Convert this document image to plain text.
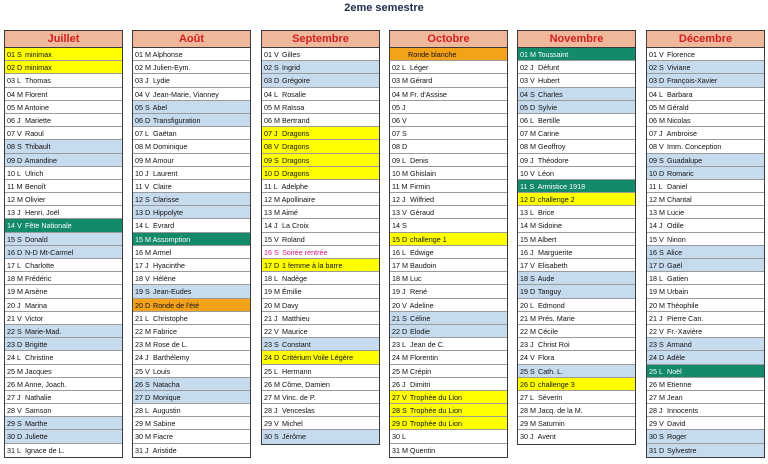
2eme semestre
Juillet
01 S minimax
02 D minimax
03 L Thomas
04 M Florent
05 M Antoine
06 J Mariette
07 V Raoul
08 S Thibault
09 D Amandine
10 L Ulrich
11 M Benoît
12 M Olivier
13 J Henri, Joël
14 V Fête Nationale
15 S Donald
16 D N-D Mt-Carmel
17 L Charlotte
18 M Frédéric
19 M Arsène
20 J Marina
21 V Victor
22 S Marie-Mad.
23 D Brigitte
24 L Christine
25 M Jacques
26 M Anne, Joach.
27 J Nathalie
28 V Samson
29 S Marthe
30 D Juliette
31 L Ignace de L.
Août
01 M Alphonse
02 M Julien-Eym.
03 J Lydie
04 V Jean-Marie, Vianney
05 S Abel
06 D Transfiguration
07 L Gaëtan
08 M Dominique
09 M Amour
10 J Laurent
11 V Claire
12 S Clarisse
13 D Hippolyte
14 L Evrard
15 M Assomption
16 M Armel
17 J Hyacinthe
18 V Hélène
19 S Jean-Eudes
20 D Ronde de l'été
21 L Christophe
22 M Fabrice
23 M Rose de L.
24 J Barthélemy
25 V Louis
26 S Natacha
27 D Monique
28 L Augustin
29 M Sabine
30 M Fiacre
31 J Aristide
Septembre
01 V Gilles
02 S Ingrid
03 D Grégoire
04 L Rosalie
05 M Raïssa
06 M Bertrand
07 J Dragons
08 V Dragons
09 S Dragons
10 D Dragons
11 L Adelphe
12 M Apollinaire
13 M Aimé
14 J La Croix
15 V Roland
16 S Soirée rentrée
17 D 1 femme à la barre
18 L Nadège
19 M Émilie
20 M Davy
21 J Matthieu
22 V Maurice
23 S Constant
24 D Critérium Voile Légère
25 L Hermann
26 M Côme, Damien
27 M Vinc. de P.
28 J Venceslas
29 V Michel
30 S Jérôme
Octobre
Ronde blanche
02 L Léger
03 M Gérard
04 M Fr. d'Assise
05 J
06 V
07 S
08 D
09 L Denis
10 M Ghislain
11 M Firmin
12 J Wilfried
13 V Géraud
14 S
15 D challenge 1
16 L Edwige
17 M Baudoin
18 M Luc
19 J René
20 V Adeline
21 S Céline
22 D Elodie
23 L Jean de C.
24 M Florentin
25 M Crépin
26 J Dimitri
27 V Trophée du Lion
28 S Trophée du Lion
29 D Trophée du Lion
30 L
31 M Quentin
Novembre
01 M Toussaint
02 J Défunt
03 V Hubert
04 S Charles
05 D Sylvie
06 L Bertille
07 M Carine
08 M Geoffroy
09 J Théodore
10 V Léon
11 S Armistice 1918
12 D challenge 2
13 L Brice
14 M Sidoine
15 M Albert
16 J Marguerite
17 V Elisabeth
18 S Aude
19 D Tanguy
20 L Edmond
21 M Prés. Marie
22 M Cécile
23 J Christ Roi
24 V Flora
25 S Cath. L.
26 D challenge 3
27 L Séverin
28 M Jacq. de la M.
29 M Saturnin
30 J Avent
Décembre
01 V Florence
02 S Viviane
03 D François-Xavier
04 L Barbara
05 M Gérald
06 M Nicolas
07 J Ambroise
08 V Imm. Conception
09 S Guadalupe
10 D Romaric
11 L Daniel
12 M Chantal
13 M Lucie
14 J Odile
15 V Ninon
16 S Alice
17 D Gaël
18 L Gatien
19 M Urbain
20 M Théophile
21 J Pierre Can.
22 V Fr.-Xavière
23 S Armand
24 D Adèle
25 L Noël
26 M Etienne
27 M Jean
28 J Innocents
29 V David
30 S Roger
31 D Sylvestre
